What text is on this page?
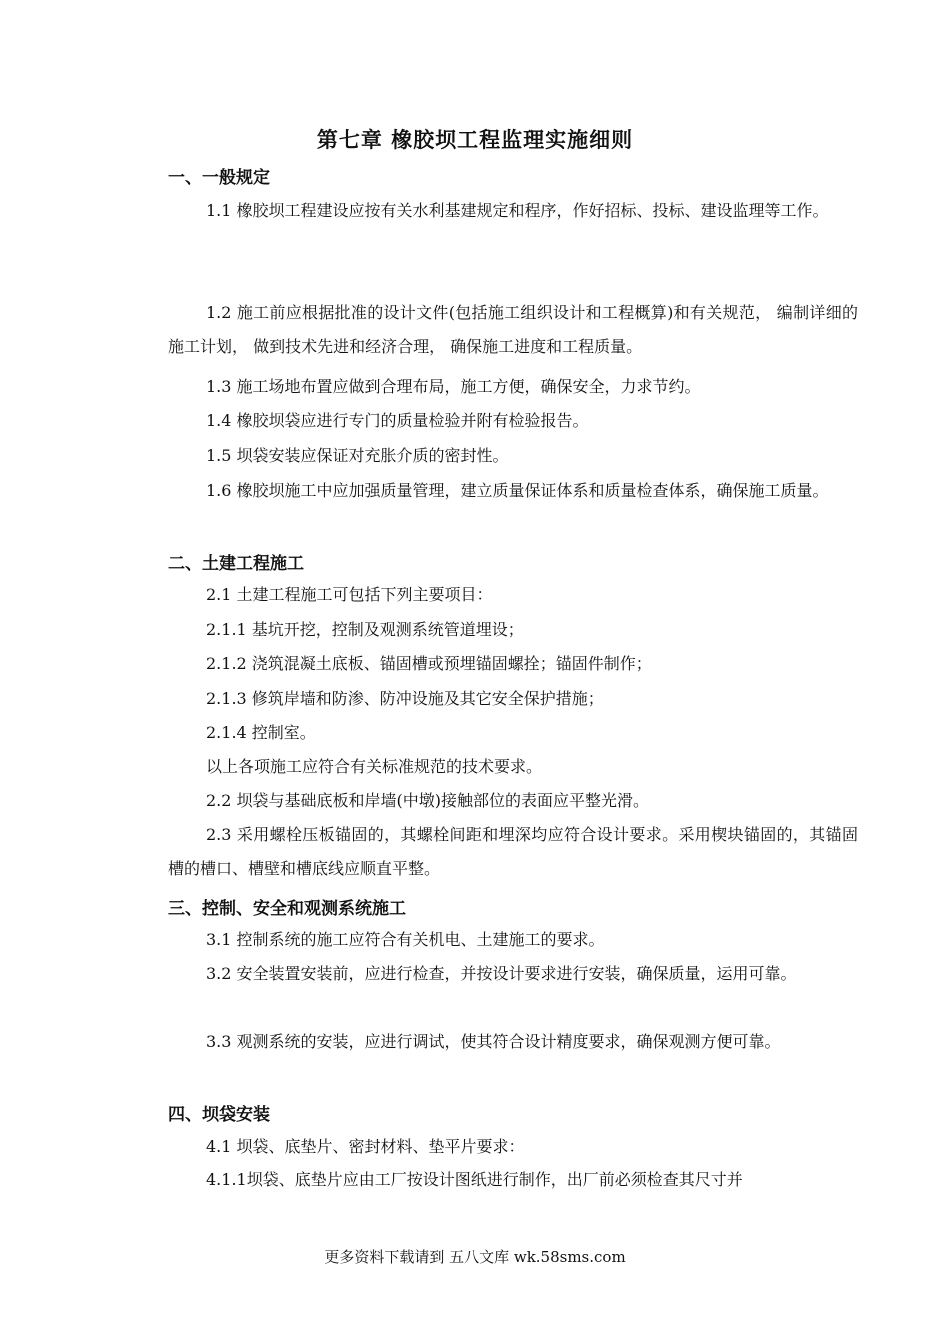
第七章 橡胶坝工程监理实施细则
一、一般规定
1.1 橡胶坝工程建设应按有关水利基建规定和程序，作好招标、投标、建设监理等工作。
1.2 施工前应根据批准的设计文件(包括施工组织设计和工程概算)和有关规范， 编制详细的施工计划， 做到技术先进和经济合理， 确保施工进度和工程质量。
1.3 施工场地布置应做到合理布局，施工方便，确保安全，力求节约。
1.4 橡胶坝袋应进行专门的质量检验并附有检验报告。
1.5 坝袋安装应保证对充胀介质的密封性。
1.6 橡胶坝施工中应加强质量管理，建立质量保证体系和质量检查体系，确保施工质量。
二、土建工程施工
2.1 土建工程施工可包括下列主要项目：
2.1.1 基坑开挖，控制及观测系统管道埋设；
2.1.2 浇筑混凝土底板、锚固槽或预埋锚固螺拴；锚固件制作；
2.1.3 修筑岸墙和防渗、防冲设施及其它安全保护措施；
2.1.4 控制室。
以上各项施工应符合有关标准规范的技术要求。
2.2 坝袋与基础底板和岸墙(中墩)接触部位的表面应平整光滑。
2.3 采用螺栓压板锚固的，其螺栓间距和埋深均应符合设计要求。采用楔块锚固的，其锚固槽的槽口、槽壁和槽底线应顺直平整。
三、控制、安全和观测系统施工
3.1 控制系统的施工应符合有关机电、土建施工的要求。
3.2 安全装置安装前，应进行检查，并按设计要求进行安装，确保质量，运用可靠。
3.3 观测系统的安装，应进行调试，使其符合设计精度要求，确保观测方便可靠。
四、坝袋安装
4.1 坝袋、底垫片、密封材料、垫平片要求：
4.1.1坝袋、底垫片应由工厂按设计图纸进行制作，出厂前必须检查其尺寸并
更多资料下载请到 五八文库 wk.58sms.com
